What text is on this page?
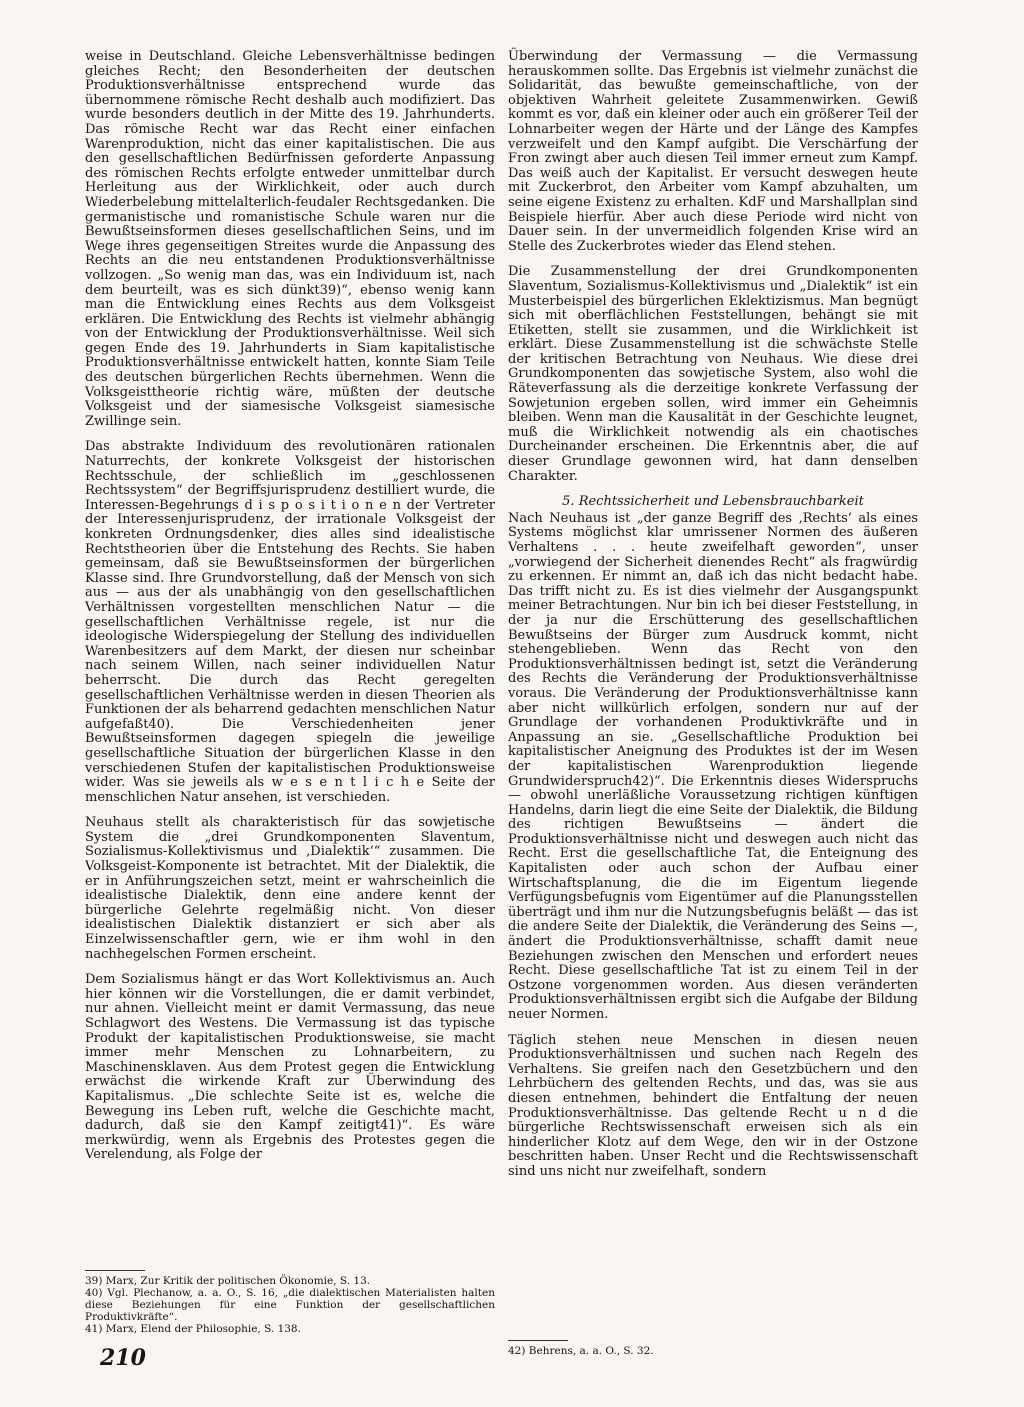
weise in Deutschland. Gleiche Lebensverhältnisse bedingen gleiches Recht; den Besonderheiten der deutschen Produktionsverhältnisse entsprechend wurde das übernommene römische Recht deshalb auch modifiziert. Das wurde besonders deutlich in der Mitte des 19. Jahrhunderts. Das römische Recht war das Recht einer einfachen Warenproduktion, nicht das einer kapitalistischen. Die aus den gesellschaftlichen Bedürfnissen geforderte Anpassung des römischen Rechts erfolgte entweder unmittelbar durch Herleitung aus der Wirklichkeit, oder auch durch Wiederbelebung mittelalterlich-feudaler Rechtsgedanken. Die germanistische und romanistische Schule waren nur die Bewußtseinsformen dieses gesellschaftlichen Seins, und im Wege ihres gegenseitigen Streites wurde die Anpassung des Rechts an die neu entstandenen Produktionsverhältnisse vollzogen. „So wenig man das, was ein Individuum ist, nach dem beurteilt, was es sich dünkt39)“, ebenso wenig kann man die Entwicklung eines Rechts aus dem Volksgeist erklären. Die Entwicklung des Rechts ist vielmehr abhängig von der Entwicklung der Produktionsverhältnisse. Weil sich gegen Ende des 19. Jahrhunderts in Siam kapitalistische Produktionsverhältnisse entwickelt hatten, konnte Siam Teile des deutschen bürgerlichen Rechts übernehmen. Wenn die Volksgeisttheorie richtig wäre, müßten der deutsche Volksgeist und der siamesische Volksgeist siamesische Zwillinge sein.

Das abstrakte Individuum des revolutionären rationalen Naturrechts, der konkrete Volksgeist der historischen Rechtsschule, der schließlich im „geschlossenen Rechtssystem“ der Begriffsjurisprudenz destilliert wurde, die Interessen-Begehrungs d i s p o s i t i o n e n der Vertreter der Interessenjurisprudenz, der irrationale Volksgeist der konkreten Ordnungsdenker, dies alles sind idealistische Rechtstheorien über die Entstehung des Rechts. Sie haben gemeinsam, daß sie Bewußtseinsformen der bürgerlichen Klasse sind. Ihre Grundvorstellung, daß der Mensch von sich aus — aus der als unabhängig von den gesellschaftlichen Verhältnissen vorgestellten menschlichen Natur — die gesellschaftlichen Verhältnisse regele, ist nur die ideologische Widerspiegelung der Stellung des individuellen Warenbesitzers auf dem Markt, der diesen nur scheinbar nach seinem Willen, nach seiner individuellen Natur beherrscht. Die durch das Recht geregelten gesellschaftlichen Verhältnisse werden in diesen Theorien als Funktionen der als beharrend gedachten menschlichen Natur aufgefaßt40). Die Verschiedenheiten jener Bewußtseinsformen dagegen spiegeln die jeweilige gesellschaftliche Situation der bürgerlichen Klasse in den verschiedenen Stufen der kapitalistischen Produktionsweise wider. Was sie jeweils als w e s e n t l i c h e Seite der menschlichen Natur ansehen, ist verschieden.

Neuhaus stellt als charakteristisch für das sowjetische System die „drei Grundkomponenten Slaventum, Sozialismus-Kollektivismus und ‚Dialektik‘“ zusammen. Die Volksgeist-Komponente ist betrachtet. Mit der Dialektik, die er in Anführungszeichen setzt, meint er wahrscheinlich die idealistische Dialektik, denn eine andere kennt der bürgerliche Gelehrte regelmäßig nicht. Von dieser idealistischen Dialektik distanziert er sich aber als Einzelwissenschaftler gern, wie er ihm wohl in den nachhegelschen Formen erscheint.

Dem Sozialismus hängt er das Wort Kollektivismus an. Auch hier können wir die Vorstellungen, die er damit verbindet, nur ahnen. Vielleicht meint er damit Vermassung, das neue Schlagwort des Westens. Die Vermassung ist das typische Produkt der kapitalistischen Produktionsweise, sie macht immer mehr Menschen zu Lohnarbeitern, zu Maschinensklaven. Aus dem Protest gegen die Entwicklung erwächst die wirkende Kraft zur Überwindung des Kapitalismus. „Die schlechte Seite ist es, welche die Bewegung ins Leben ruft, welche die Geschichte macht, dadurch, daß sie den Kampf zeitigt41)“. Es wäre merkwürdig, wenn als Ergebnis des Protestes gegen die Verelendung, als Folge der

39) Marx, Zur Kritik der politischen Ökonomie, S. 13.

40) Vgl. Plechanow, a. a. O., S. 16, „die dialektischen Materialisten halten diese Beziehungen für eine Funktion der gesellschaftlichen Produktivkräfte“.

41) Marx, Elend der Philosophie, S. 138.

Überwindung der Vermassung — die Vermassung herauskommen sollte. Das Ergebnis ist vielmehr zunächst die Solidarität, das bewußte gemeinschaftliche, von der objektiven Wahrheit geleitete Zusammenwirken. Gewiß kommt es vor, daß ein kleiner oder auch ein größerer Teil der Lohnarbeiter wegen der Härte und der Länge des Kampfes verzweifelt und den Kampf aufgibt. Die Verschärfung der Fron zwingt aber auch diesen Teil immer erneut zum Kampf. Das weiß auch der Kapitalist. Er versucht deswegen heute mit Zuckerbrot, den Arbeiter vom Kampf abzuhalten, um seine eigene Existenz zu erhalten. KdF und Marshallplan sind Beispiele hierfür. Aber auch diese Periode wird nicht von Dauer sein. In der unvermeidlich folgenden Krise wird an Stelle des Zuckerbrotes wieder das Elend stehen.

Die Zusammenstellung der drei Grundkomponenten Slaventum, Sozialismus-Kollektivismus und „Dialektik“ ist ein Musterbeispiel des bürgerlichen Eklektizismus. Man begnügt sich mit oberflächlichen Feststellungen, behängt sie mit Etiketten, stellt sie zusammen, und die Wirklichkeit ist erklärt. Diese Zusammenstellung ist die schwächste Stelle der kritischen Betrachtung von Neuhaus. Wie diese drei Grundkomponenten das sowjetische System, also wohl die Räteverfassung als die derzeitige konkrete Verfassung der Sowjetunion ergeben sollen, wird immer ein Geheimnis bleiben. Wenn man die Kausalität in der Geschichte leugnet, muß die Wirklichkeit notwendig als ein chaotisches Durcheinander erscheinen. Die Erkenntnis aber, die auf dieser Grundlage gewonnen wird, hat dann denselben Charakter.

5. Rechtssicherheit und Lebensbrauchbarkeit

Nach Neuhaus ist „der ganze Begriff des ‚Rechts‘ als eines Systems möglichst klar umrissener Normen des äußeren Verhaltens . . . heute zweifelhaft geworden“, unser „vorwiegend der Sicherheit dienendes Recht“ als fragwürdig zu erkennen. Er nimmt an, daß ich das nicht bedacht habe. Das trifft nicht zu. Es ist dies vielmehr der Ausgangspunkt meiner Betrachtungen. Nur bin ich bei dieser Feststellung, in der ja nur die Erschütterung des gesellschaftlichen Bewußtseins der Bürger zum Ausdruck kommt, nicht stehengeblieben. Wenn das Recht von den Produktionsverhältnissen bedingt ist, setzt die Veränderung des Rechts die Veränderung der Produktionsverhältnisse voraus. Die Veränderung der Produktionsverhältnisse kann aber nicht willkürlich erfolgen, sondern nur auf der Grundlage der vorhandenen Produktivkräfte und in Anpassung an sie. „Gesellschaftliche Produktion bei kapitalistischer Aneignung des Produktes ist der im Wesen der kapitalistischen Warenproduktion liegende Grundwiderspruch42)“. Die Erkenntnis dieses Widerspruchs — obwohl unerläßliche Voraussetzung richtigen künftigen Handelns, darin liegt die eine Seite der Dialektik, die Bildung des richtigen Bewußtseins — ändert die Produktionsverhältnisse nicht und deswegen auch nicht das Recht. Erst die gesellschaftliche Tat, die Enteignung des Kapitalisten oder auch schon der Aufbau einer Wirtschaftsplanung, die die im Eigentum liegende Verfügungsbefugnis vom Eigentümer auf die Planungsstellen überträgt und ihm nur die Nutzungsbefugnis beläßt — das ist die andere Seite der Dialektik, die Veränderung des Seins —, ändert die Produktionsverhältnisse, schafft damit neue Beziehungen zwischen den Menschen und erfordert neues Recht. Diese gesellschaftliche Tat ist zu einem Teil in der Ostzone vorgenommen worden. Aus diesen veränderten Produktionsverhältnissen ergibt sich die Aufgabe der Bildung neuer Normen.

Täglich stehen neue Menschen in diesen neuen Produktionsverhältnissen und suchen nach Regeln des Verhaltens. Sie greifen nach den Gesetzbüchern und den Lehrbüchern des geltenden Rechts, und das, was sie aus diesen entnehmen, behindert die Entfaltung der neuen Produktionsverhältnisse. Das geltende Recht u n d die bürgerliche Rechtswissenschaft erweisen sich als ein hinderlicher Klotz auf dem Wege, den wir in der Ostzone beschritten haben. Unser Recht und die Rechtswissenschaft sind uns nicht nur zweifelhaft, sondern

42) Behrens, a. a. O., S. 32.

210
